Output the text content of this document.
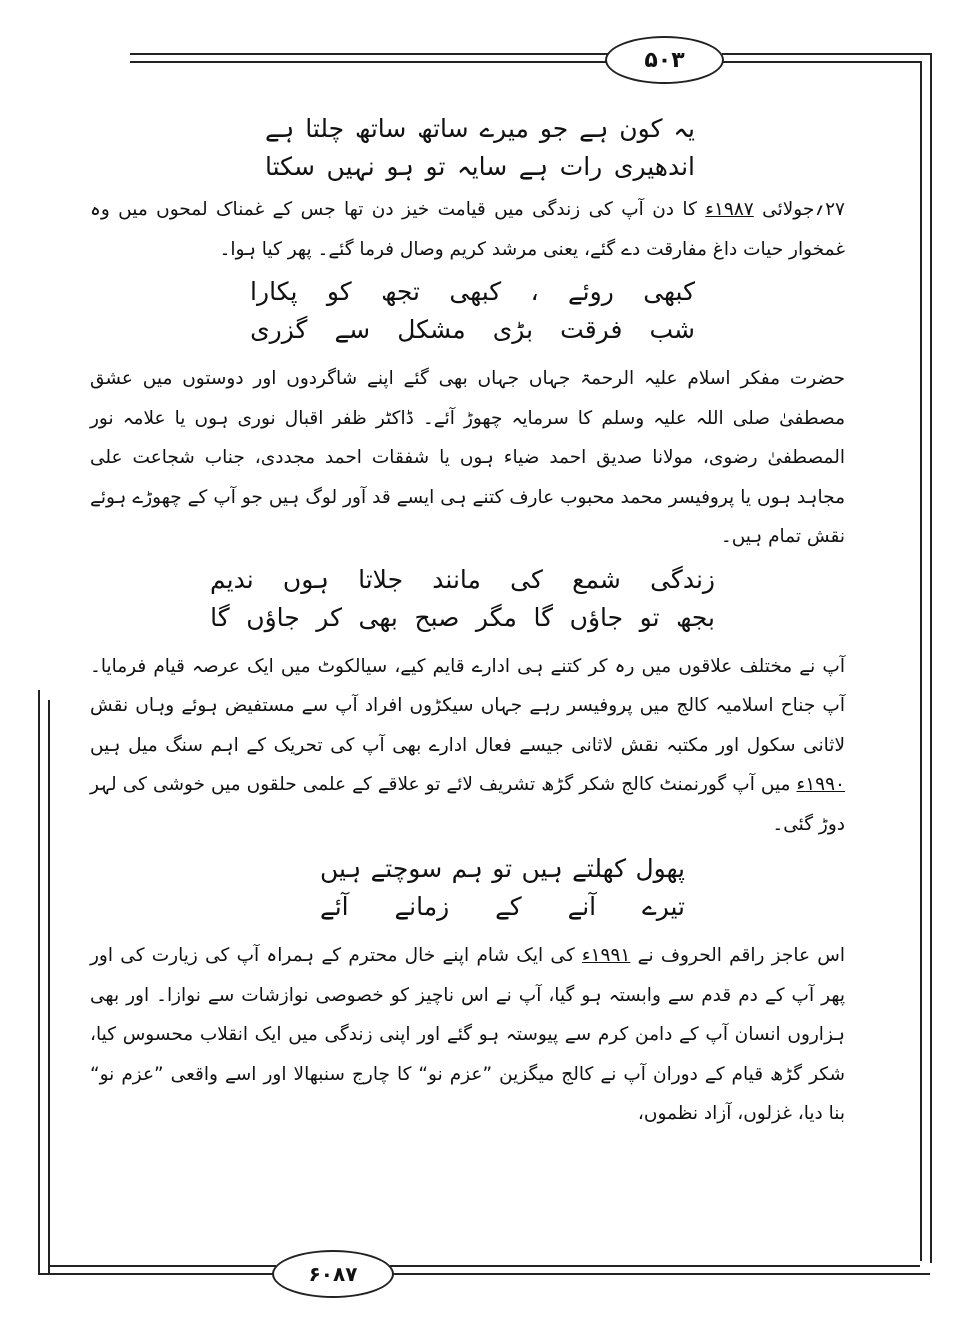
۵۰۳
۶۰۸۷
یہ
کون
ہے
جو
میرے
ساتھ
ساتھ
چلتا
ہے
اندھیری
رات
ہے
سایہ
تو
ہو
نہیں
سکتا

۲۷؍جولائی ۱۹۸۷ء کا دن آپ کی زندگی میں قیامت خیز دن تھا جس کے غمناک لمحوں میں وہ غمخوار حیات داغ مفارقت دے گئے، یعنی مرشد کریم وصال فرما گئے۔ پھر کیا ہوا۔

کبھی
روئے
،
کبھی
تجھ
کو
پکارا
شب
فرقت
بڑی
مشکل
سے
گزری

حضرت مفکر اسلام علیہ الرحمۃ جہاں جہاں بھی گئے اپنے شاگردوں اور دوستوں میں عشق مصطفیٰ صلی اللہ علیہ وسلم کا سرمایہ چھوڑ آئے۔ ڈاکٹر ظفر اقبال نوری ہوں یا علامہ نور المصطفیٰ رضوی، مولانا صدیق احمد ضیاء ہوں یا شفقات احمد مجددی، جناب شجاعت علی مجاہد ہوں یا پروفیسر محمد محبوب عارف کتنے ہی ایسے قد آور لوگ ہیں جو آپ کے چھوڑے ہوئے نقش تمام ہیں۔

زندگی
شمع
کی
مانند
جلاتا
ہوں
ندیم
بجھ
تو
جاؤں
گا
مگر
صبح
بھی
کر
جاؤں
گا

آپ نے مختلف علاقوں میں رہ کر کتنے ہی ادارے قایم کیے، سیالکوٹ میں ایک عرصہ قیام فرمایا۔ آپ جناح اسلامیہ کالج میں پروفیسر رہے جہاں سیکڑوں افراد آپ سے مستفیض ہوئے وہاں نقش لاثانی سکول اور مکتبہ نقش لاثانی جیسے فعال ادارے بھی آپ کی تحریک کے اہم سنگ میل ہیں ۱۹۹۰ء میں آپ گورنمنٹ کالج شکر گڑھ تشریف لائے تو علاقے کے علمی حلقوں میں خوشی کی لہر دوڑ گئی۔

پھول
کھلتے
ہیں
تو
ہم
سوچتے
ہیں
تیرے
آنے
کے
زمانے
آئے

اس عاجز راقم الحروف نے ۱۹۹۱ء کی ایک شام اپنے خال محترم کے ہمراہ آپ کی زیارت کی اور پھر آپ کے دم قدم سے وابستہ ہو گیا، آپ نے اس ناچیز کو خصوصی نوازشات سے نوازا۔ اور بھی ہزاروں انسان آپ کے دامن کرم سے پیوستہ ہو گئے اور اپنی زندگی میں ایک انقلاب محسوس کیا، شکر گڑھ قیام کے دوران آپ نے کالج میگزین ”عزم نو“ کا چارج سنبھالا اور اسے واقعی ”عزم نو“ بنا دیا، غزلوں، آزاد نظموں،
